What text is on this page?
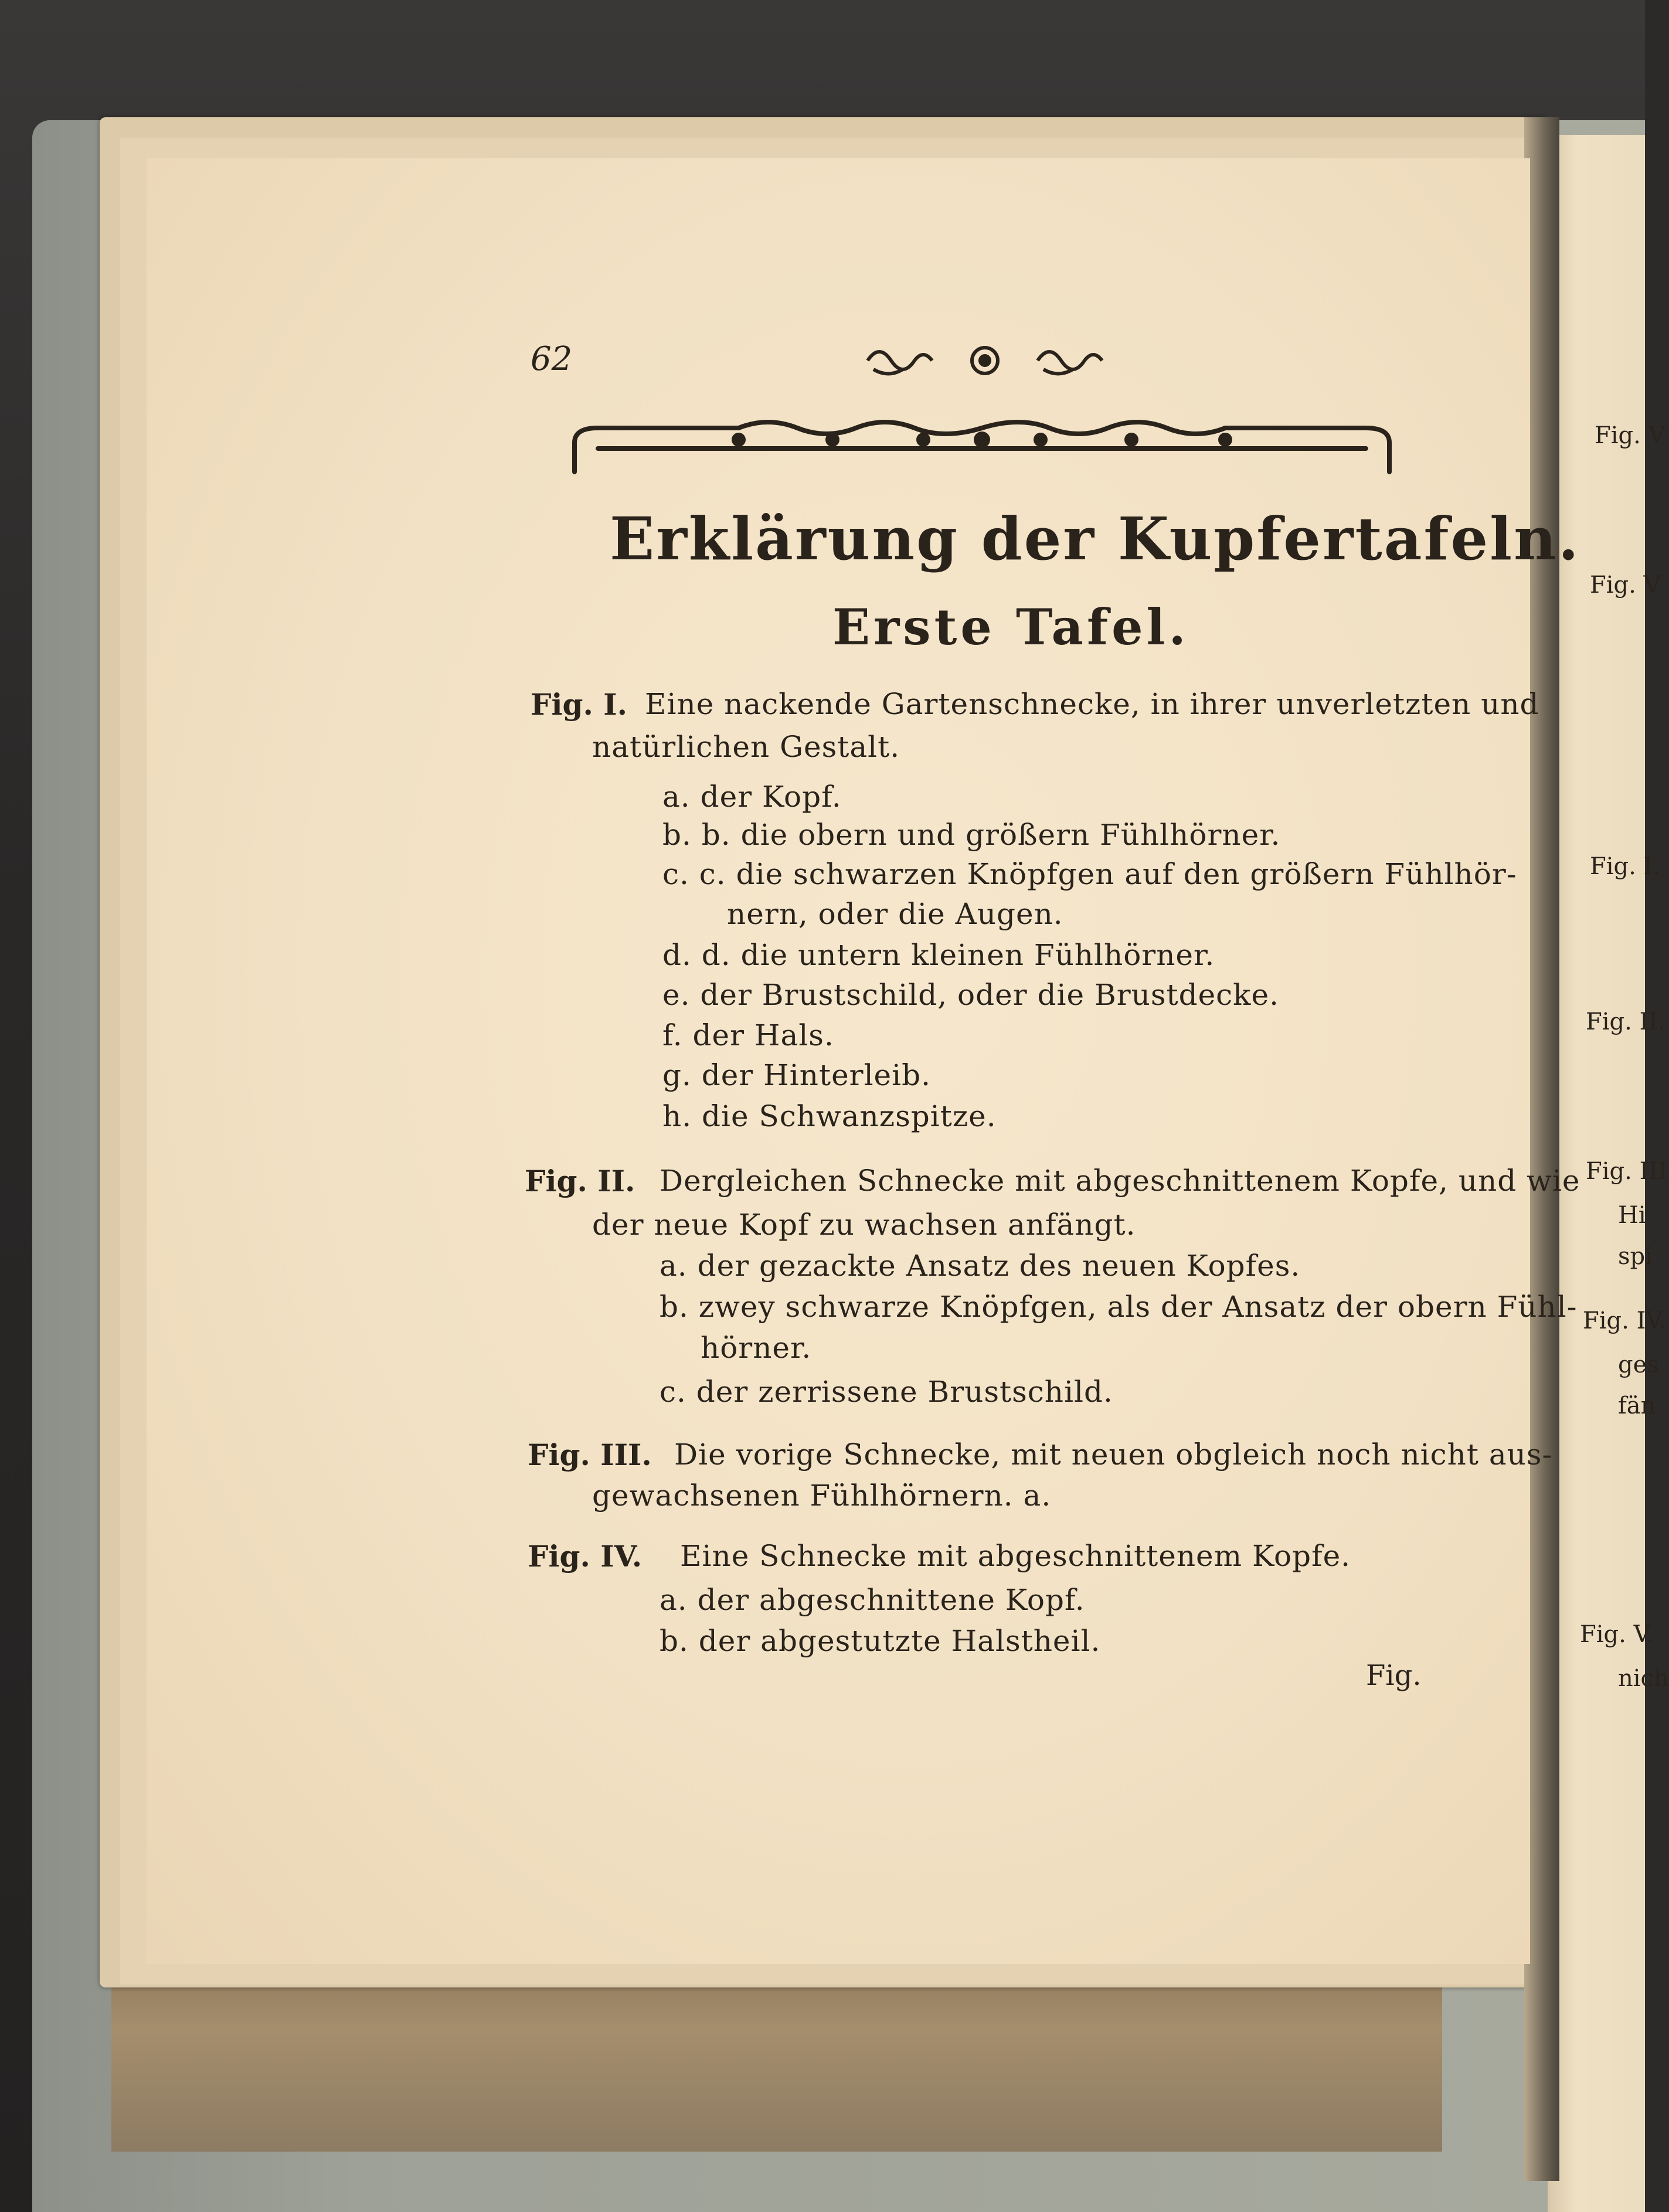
62
Erklärung der Kupfertafeln.
Erste Tafel.
Fig. I. Eine nackende Gartenschnecke, in ihrer unverletzten und
natürlichen Gestalt.
a. der Kopf.
b. b. die obern und größern Fühlhörner.
c. c. die schwarzen Knöpfgen auf den größern Fühlhör-
nern, oder die Augen.
d. d. die untern kleinen Fühlhörner.
e. der Brustschild, oder die Brustdecke.
f. der Hals.
g. der Hinterleib.
h. die Schwanzspitze.
Fig. II. Dergleichen Schnecke mit abgeschnittenem Kopfe, und wie
der neue Kopf zu wachsen anfängt.
a. der gezackte Ansatz des neuen Kopfes.
b. zwey schwarze Knöpfgen, als der Ansatz der obern Fühl-
hörner.
c. der zerrissene Brustschild.
Fig. III. Die vorige Schnecke, mit neuen obgleich noch nicht aus-
gewachsenen Fühlhörnern. a.
Fig. IV. Eine Schnecke mit abgeschnittenem Kopfe.
a. der abgeschnittene Kopf.
b. der abgestutzte Halstheil.
Fig.
Fig. V
Fig. V
Fig. I.
Fig. II.
Fig. III
Hi
spi
Fig. IV.
ges
fän
Fig. V.
nich
